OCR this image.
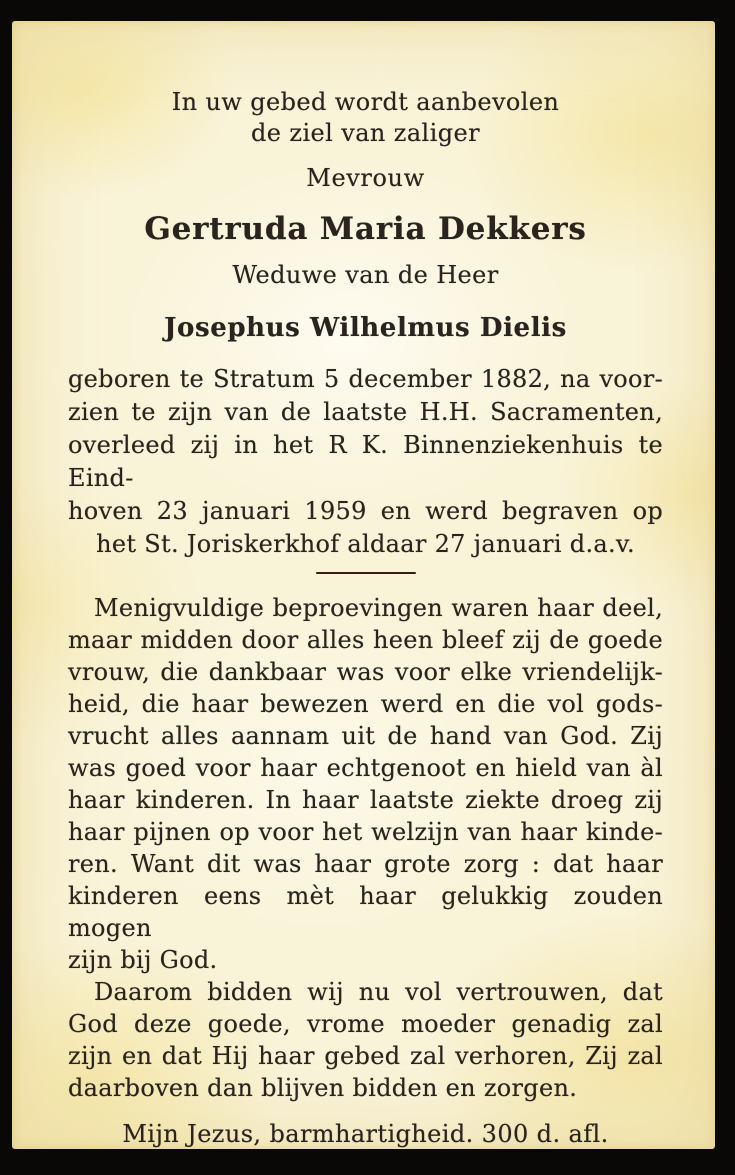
In uw gebed wordt aanbevolen
de ziel van zaliger
Mevrouw
Gertruda Maria Dekkers
Weduwe van de Heer
Josephus Wilhelmus Dielis
geboren te Stratum 5 december 1882, na voor-
zien te zijn van de laatste H.H. Sacramenten,
overleed zij in het R K. Binnenziekenhuis te Eind-
hoven 23 januari 1959 en werd begraven op
het St. Joriskerkhof aldaar 27 januari d.a.v.
Menigvuldige beproevingen waren haar deel,
maar midden door alles heen bleef zij de goede
vrouw, die dankbaar was voor elke vriendelijk-
heid, die haar bewezen werd en die vol gods-
vrucht alles aannam uit de hand van God. Zij
was goed voor haar echtgenoot en hield van àl
haar kinderen. In haar laatste ziekte droeg zij
haar pijnen op voor het welzijn van haar kinde-
ren. Want dit was haar grote zorg : dat haar
kinderen eens mèt haar gelukkig zouden mogen
zijn bij God.
Daarom bidden wij nu vol vertrouwen, dat
God deze goede, vrome moeder genadig zal
zijn en dat Hij haar gebed zal verhoren, Zij zal
daarboven dan blijven bidden en zorgen.
Mijn Jezus, barmhartigheid. 300 d. afl.
